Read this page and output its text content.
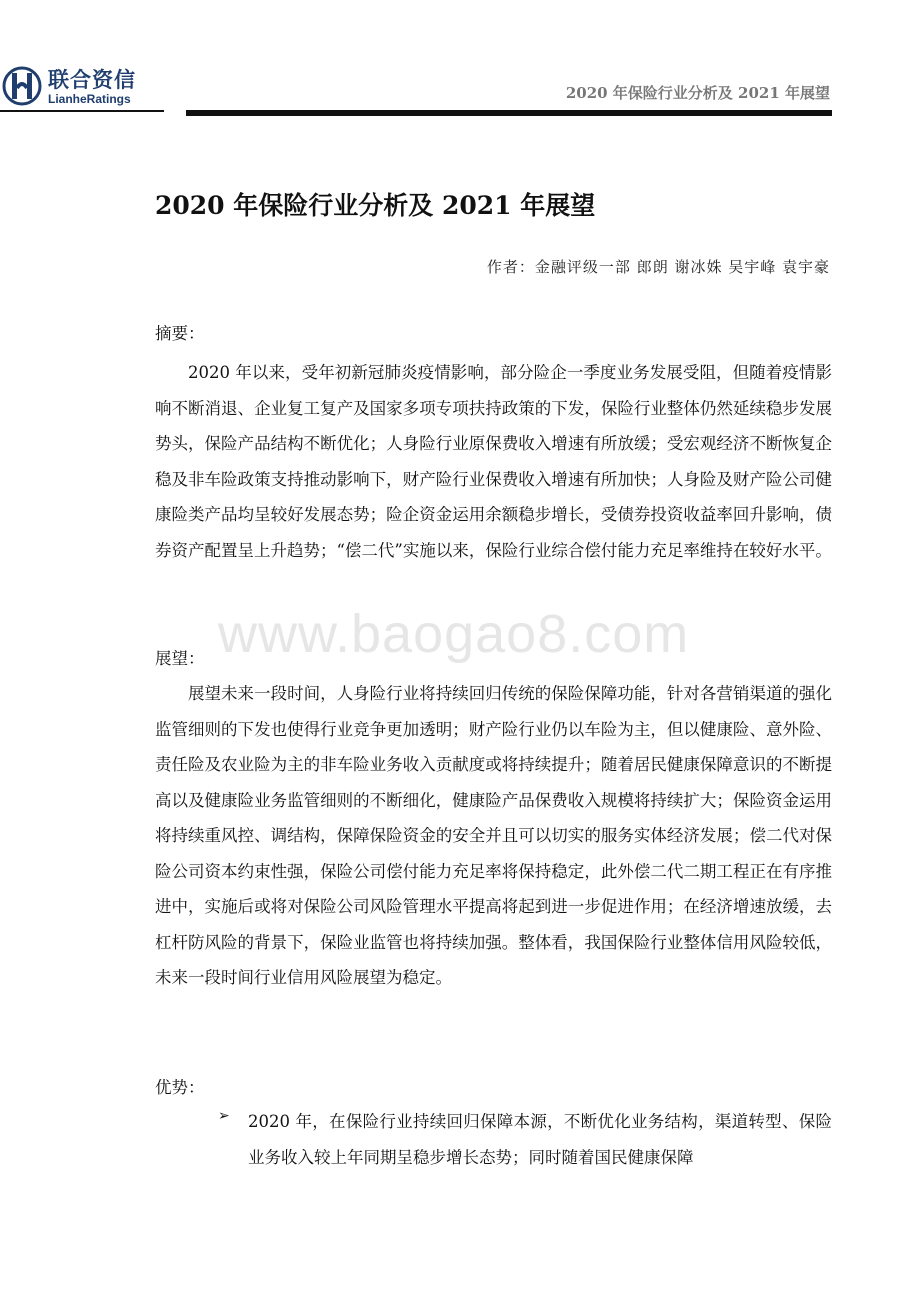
联合资信
LianheRatings	2020 年保险行业分析及 2021 年展望
2020 年保险行业分析及 2021 年展望
作者：金融评级一部 郎朗 谢冰姝 吴宇峰 袁宇豪
摘要：
2020 年以来，受年初新冠肺炎疫情影响，部分险企一季度业务发展受阻，但随着疫情影响不断消退、企业复工复产及国家多项专项扶持政策的下发，保险行业整体仍然延续稳步发展势头，保险产品结构不断优化；人身险行业原保费收入增速有所放缓；受宏观经济不断恢复企稳及非车险政策支持推动影响下，财产险行业保费收入增速有所加快；人身险及财产险公司健康险类产品均呈较好发展态势；险企资金运用余额稳步增长，受债券投资收益率回升影响，债券资产配置呈上升趋势；“偿二代”实施以来，保险行业综合偿付能力充足率维持在较好水平。
www.baogao8.com
展望：
展望未来一段时间，人身险行业将持续回归传统的保险保障功能，针对各营销渠道的强化监管细则的下发也使得行业竞争更加透明；财产险行业仍以车险为主，但以健康险、意外险、责任险及农业险为主的非车险业务收入贡献度或将持续提升；随着居民健康保障意识的不断提高以及健康险业务监管细则的不断细化，健康险产品保费收入规模将持续扩大；保险资金运用将持续重风控、调结构，保障保险资金的安全并且可以切实的服务实体经济发展；偿二代对保险公司资本约束性强，保险公司偿付能力充足率将保持稳定，此外偿二代二期工程正在有序推进中，实施后或将对保险公司风险管理水平提高将起到进一步促进作用；在经济增速放缓，去杠杆防风险的背景下，保险业监管也将持续加强。整体看，我国保险行业整体信用风险较低，未来一段时间行业信用风险展望为稳定。
优势：
➢ 2020 年，在保险行业持续回归保障本源，不断优化业务结构，渠道转型、保险业务收入较上年同期呈稳步增长态势；同时随着国民健康保障
